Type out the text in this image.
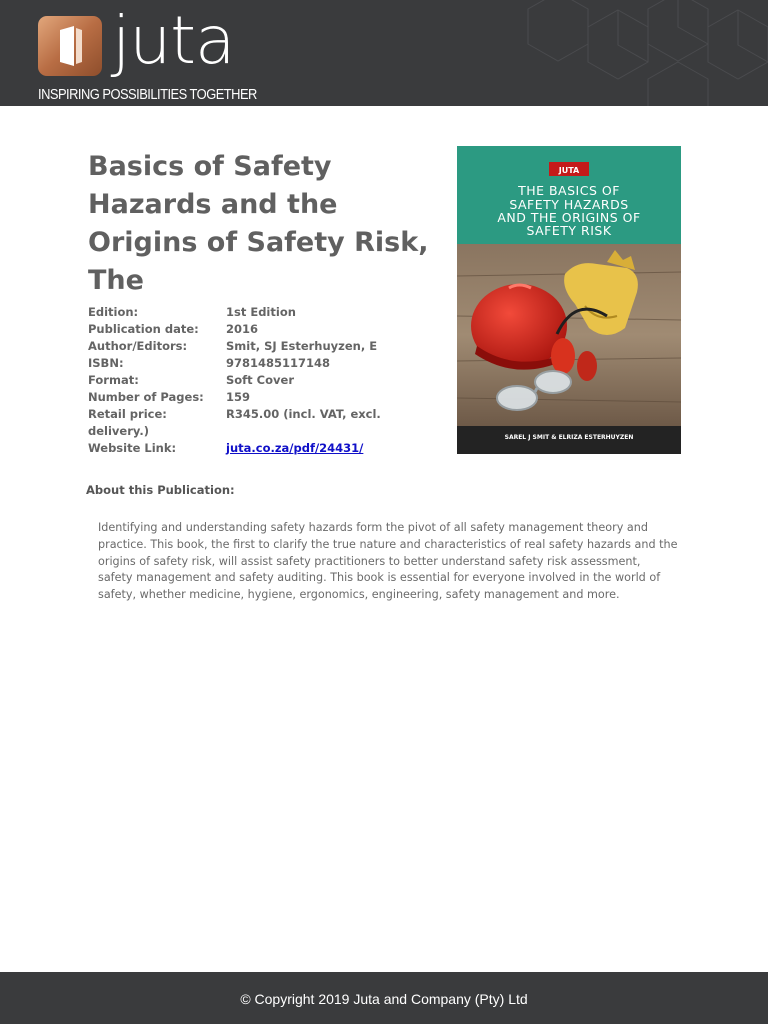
juta
INSPIRING POSSIBILITIES TOGETHER
Basics of Safety Hazards and the Origins of Safety Risk, The
Edition:	1st Edition
Publication date:	2016
Author/Editors:	Smit, SJ Esterhuyzen, E
ISBN:	9781485117148
Format:	Soft Cover
Number of Pages:	159
Retail price:	R345.00 (incl. VAT, excl.
delivery.)
Website Link:	juta.co.za/pdf/24431/
JUTA
THE BASICS OF
SAFETY HAZARDS
AND THE ORIGINS OF
SAFETY RISK
SAREL J SMIT & ELRIZA ESTERHUYZEN
About this Publication:

Identifying and understanding safety hazards form the pivot of all safety management theory and practice. This book, the first to clarify the true nature and characteristics of real safety hazards and the origins of safety risk, will assist safety practitioners to better understand safety risk assessment, safety management and safety auditing. This book is essential for everyone involved in the world of safety, whether medicine, hygiene, ergonomics, engineering, safety management and more.

© Copyright 2019 Juta and Company (Pty) Ltd
